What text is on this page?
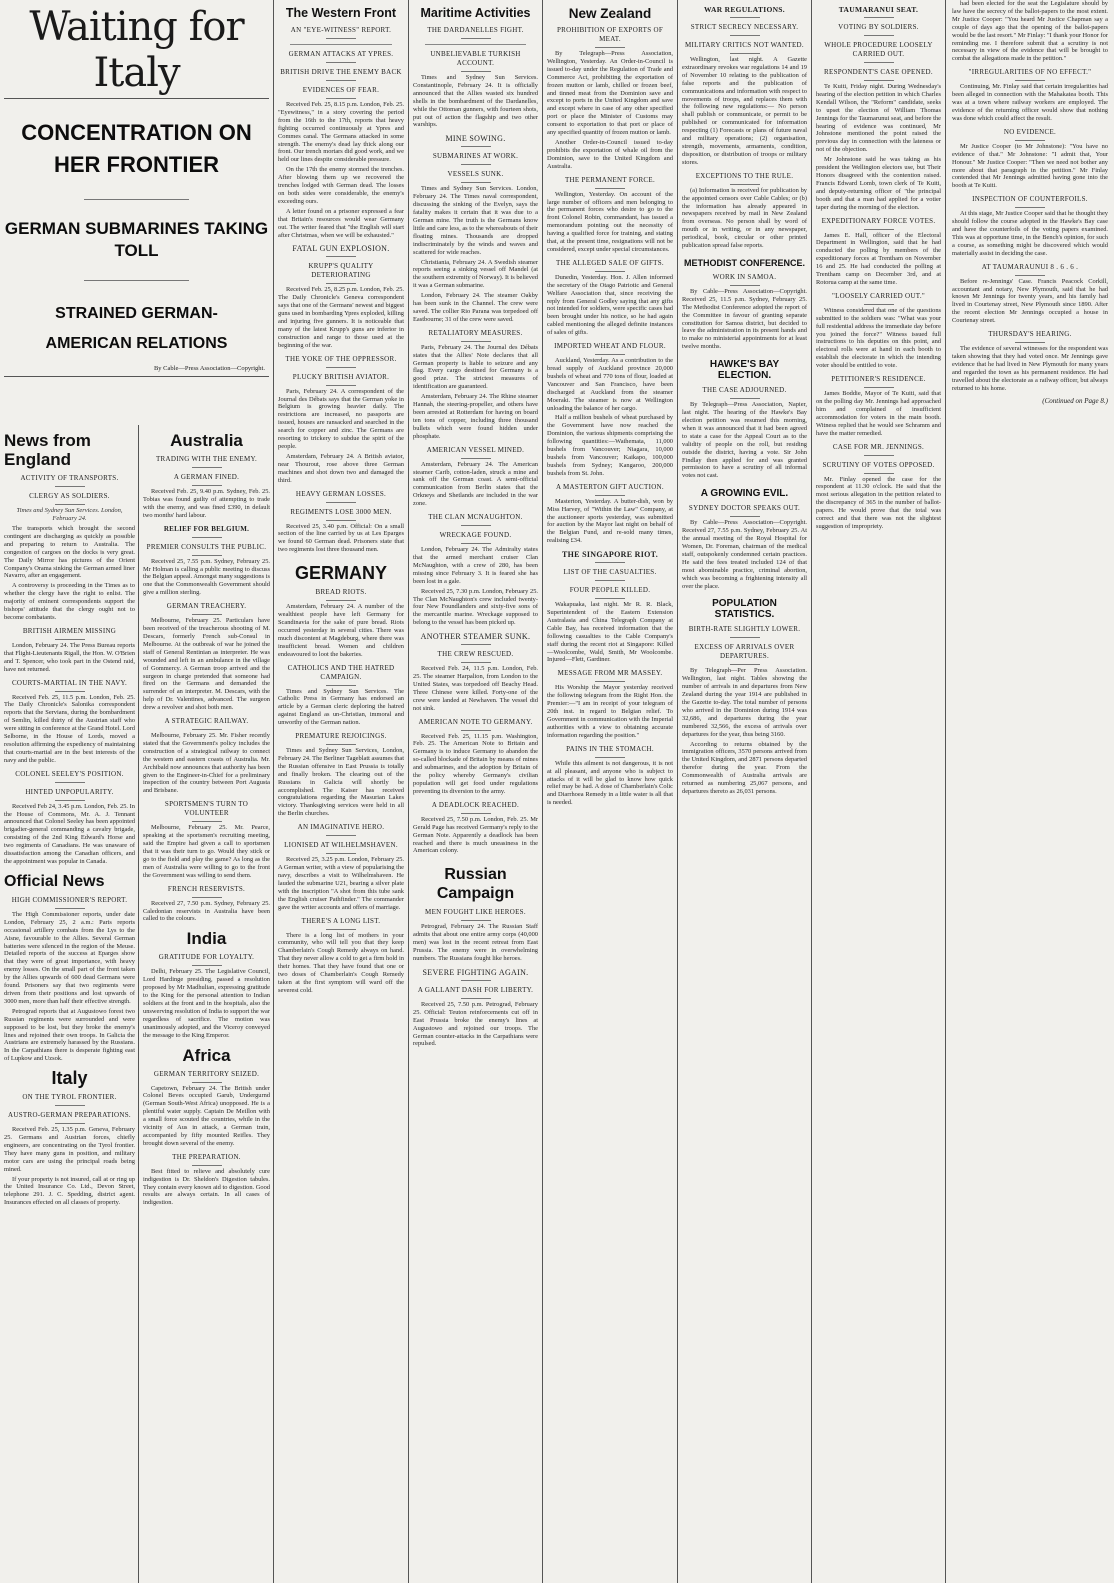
Waiting for Italy
CONCENTRATION ON HER FRONTIER
GERMAN SUBMARINES TAKING TOLL
STRAINED GERMAN-AMERICAN RELATIONS
By Cable—Press Association—Copyright.
News from England
ACTIVITY OF TRANSPORTS.
CLERGY AS SOLDIERS.
Times and Sydney Sun Services. London, February 24.

The transports which brought the second contingent are discharging as quickly as possible and preparing to return to Australia. The congestion of cargoes on the docks is very great. The Daily Mirror has pictures of the Orient Company's Orama sinking the German armed liner Navarro, after an engagement.

A controversy is proceeding in the Times as to whether the clergy have the right to enlist. The majority of eminent correspondents support the bishops' attitude that the clergy ought not to become combatants.

BRITISH AIRMEN MISSING

London, February 24. The Press Bureau reports that Flight-Lieutenants Rigall, the Hon. W. O'Brien and T. Spencer, who took part in the Ostend raid, have not returned.

COURTS-MARTIAL IN THE NAVY.

Received Feb. 25, 11.5 p.m. London, Feb. 25. The Daily Chronicle's Salonika correspondent reports that the Servians, during the bombardment of Semlin, killed thirty of the Austrian staff who were sitting in conference at the Grand Hotel. Lord Selborne, in the House of Lords, moved a resolution affirming the expediency of maintaining that courts-martial are in the best interests of the navy and the public.

COLONEL SEELEY'S POSITION.
HINTED UNPOPULARITY.

Received Feb 24, 3.45 p.m. London, Feb. 25. In the House of Commons, Mr. A. J. Tennant announced that Colonel Seeley has been appointed brigadier-general commanding a cavalry brigade, consisting of the 2nd King Edward's Horse and two regiments of Canadians. He was unaware of dissatisfaction among the Canadian officers, and the appointment was popular in Canada.

Official News
HIGH COMMISSIONER'S REPORT.

The High Commissioner reports, under date London, February 25, 2 a.m.: Paris reports occasional artillery combats from the Lys to the Aisne, favourable to the Allies. Several German batteries were silenced in the region of the Meuse. Detailed reports of the success at Eparges show that they were of great importance, with heavy enemy losses. On the small part of the front taken by the Allies upwards of 600 dead Germans were found. Prisoners say that two regiments were driven from their positions and lost upwards of 3000 men, more than half their effective strength.

Petrograd reports that at Augustowo forest two Russian regiments were surrounded and were supposed to be lost, but they broke the enemy's lines and rejoined their own troops. In Galicia the Austrians are extremely harassed by the Russians. In the Carpathians there is desperate fighting east of Lupkow and Uzsok.

Italy
ON THE TYROL FRONTIER.
AUSTRO-GERMAN PREPARATIONS.

Received Feb. 25, 1.35 p.m. Geneva, February 25. Germans and Austrian forces, chiefly engineers, are concentrating on the Tyrol frontier. They have many guns in position, and military motor cars are using the principal roads being mined.

If your property is not insured, call at or ring up the United Insurance Co. Ltd., Devon Street, telephone 291. J. C. Spedding, district agent. Insurances effected on all classes of property.

Australia
TRADING WITH THE ENEMY.
A GERMAN FINED.

Received Feb. 25, 9.40 p.m. Sydney, Feb. 25. Tobias was found guilty of attempting to trade with the enemy, and was fined £390, in default two months' hard labour.

RELIEF FOR BELGIUM.
PREMIER CONSULTS THE PUBLIC.

Received 25, 7.55 p.m. Sydney, February 25. Mr Holman is calling a public meeting to discuss the Belgian appeal. Amongst many suggestions is one that the Commonwealth Government should give a million sterling.

GERMAN TREACHERY.

Melbourne, February 25. Particulars have been received of the treacherous shooting of M. Descars, formerly French sub-Consul in Melbourne. At the outbreak of war he joined the staff of General Rentinian as interpreter. He was wounded and left in an ambulance in the village of Gommercy. A German troop arrived and the surgeon in charge pretended that someone had fired on the Germans and demanded the surrender of an interpreter. M. Descars, with the help of Dr. Valentines, advanced. The surgeon drew a revolver and shot both men.

A STRATEGIC RAILWAY.

Melbourne, February 25. Mr. Fisher recently stated that the Government's policy includes the construction of a strategical railway to connect the western and eastern coasts of Australia. Mr. Archibald now announces that authority has been given to the Engineer-in-Chief for a preliminary inspection of the country between Port Augusta and Brisbane.

SPORTSMEN'S TURN TO VOLUNTEER

Melbourne, February 25. Mr. Pearce, speaking at the sportsmen's recruiting meeting, said the Empire had given a call to sportsmen that it was their turn to go. Would they stick or go to the field and play the game? As long as the men of Australia were willing to go to the front the Government was willing to send them.

FRENCH RESERVISTS.

Received 27, 7.50 p.m. Sydney, February 25. Caledonian reservists in Australia have been called to the colours.

India
GRATITUDE FOR LOYALTY.

Delhi, February 25. The Legislative Council, Lord Hardinge presiding, passed a resolution proposed by Mr Madhulian, expressing gratitude to the King for the personal attention to Indian soldiers at the front and in the hospitals, also the unswerving resolution of India to support the war regardless of sacrifice. The motion was unanimously adopted, and the Viceroy conveyed the message to the King Emperor.

Africa
GERMAN TERRITORY SEIZED.

Capetown, February 24. The British under Colonel Beves occupied Garub, Undergurnd (German South-West Africa) unopposed. He is a plentiful water supply. Captain De Meillon with a small force scouted the countries, while in the vicinity of Aus in attack, a German train, accompanied by fifty mounted Reifles. They brought down several of the enemy.

THE PREPARATION.

Best fitted to relieve and absolutely cure indigestion is Dr. Sheldon's Digestion tabules. They contain every known aid to digestion. Good results are always certain. In all cases of indigestion.

The Western Front
AN "EYE-WITNESS" REPORT.
GERMAN ATTACKS AT YPRES.
BRITISH DRIVE THE ENEMY BACK
EVIDENCES OF FEAR.

Received Feb. 25, 8.15 p.m. London, Feb. 25. "Eyewitness," in a story covering the period from the 16th to the 17th, reports that heavy fighting occurred continuously at Ypres and Commes canal. The Germans attacked in some strength. The enemy's dead lay thick along our front. Our trench mortars did good work, and we held our lines despite considerable pressure.

On the 17th the enemy stormed the trenches. After blowing them up we recovered the trenches lodged with German dead. The losses on both sides were considerable, the enemy's exceeding ours.

A letter found on a prisoner expressed a fear that Britain's resources would wear Germany out. The writer feared that "the English will start after Christmas, when we will be exhausted."

FATAL GUN EXPLOSION.
KRUPP'S QUALITY DETERIORATING

Received Feb. 25, 8.25 p.m. London, Feb. 25. The Daily Chronicle's Geneva correspondent says that one of the Germans' newest and biggest guns used in bombarding Ypres exploded, killing and injuring five gunners. It is noticeable that many of the latest Krupp's guns are inferior in construction and range to those used at the beginning of the war.

THE YOKE OF THE OPPRESSOR.
PLUCKY BRITISH AVIATOR.

Paris, February 24. A correspondent of the Journal des Débats says that the German yoke in Belgium is growing heavier daily. The restrictions are increased, no passports are issued, houses are ransacked and searched in the search for copper and zinc. The Germans are resorting to trickery to subdue the spirit of the people.

Amsterdam, February 24. A British aviator, near Thourout, rose above three German machines and shot down two and damaged the third.

HEAVY GERMAN LOSSES.
REGIMENTS LOSE 3000 MEN.

Received 25, 3.40 p.m. Official: On a small section of the line carried by us at Les Eparges we found 60 German dead. Prisoners state that two regiments lost three thousand men.

GERMANY
BREAD RIOTS.

Amsterdam, February 24. A number of the wealthiest people have left Germany for Scandinavia for the sake of pure bread. Riots occurred yesterday in several cities. There was much discontent at Magdeburg, where there was insufficient bread. Women and children endeavoured to loot the bakeries.

CATHOLICS AND THE HATRED CAMPAIGN.

Times and Sydney Sun Services. The Catholic Press in Germany has endorsed an article by a German cleric deploring the hatred against England as un-Christian, immoral and unworthy of the German nation.

PREMATURE REJOICINGS.

Times and Sydney Sun Services, London, February 24. The Berliner Tageblatt assumes that the Russian offensive in East Prussia is totally and finally broken. The clearing out of the Russians in Galicia will shortly be accomplished. The Kaiser has received congratulations regarding the Masurian Lakes victory. Thanksgiving services were held in all the Berlin churches.

AN IMAGINATIVE HERO.
LIONISED AT WILHELMSHAVEN.

Received 25, 3.25 p.m. London, February 25. A German writer, with a view of popularising the navy, describes a visit to Wilhelmshaven. He lauded the submarine U21, bearing a silver plate with the inscription "A shot from this tube sank the English cruiser Pathfinder." The commander gave the writer accounts and offers of marriage.

THERE'S A LONG LIST.

There is a long list of mothers in your community, who will tell you that they keep Chamberlain's Cough Remedy always on hand. That they never allow a cold to get a firm hold in their homes. That they have found that one or two doses of Chamberlain's Cough Remedy taken at the first symptom will ward off the severest cold.

Maritime Activities
THE DARDANELLES FIGHT.
UNBELIEVABLE TURKISH ACCOUNT.

Times and Sydney Sun Services. Constantinople, February 24. It is officially announced that the Allies wasted six hundred shells in the bombardment of the Dardanelles, while the Ottoman gunners, with fourteen shots, put out of action the flagship and two other warships.

MINE SOWING.
SUBMARINES AT WORK.
VESSELS SUNK.

Times and Sydney Sun Services. London, February 24. The Times naval correspondent, discussing the sinking of the Evelyn, says the fatality makes it certain that it was due to a German mine. The truth is the Germans know little and care less, as to the whereabouts of their floating mines. Thousands are dropped indiscriminately by the winds and waves and scattered for wide reaches.

Christiania, February 24. A Swedish steamer reports seeing a sinking vessel off Mandel (at the southern extremity of Norway). It is believed it was a German submarine.

London, February 24. The steamer Oakby has been sunk in the Channel. The crew were saved. The collier Rio Parana was torpedoed off Eastbourne; 31 of the crew were saved.

RETALIATORY MEASURES.

Paris, February 24. The Journal des Débats states that the Allies' Note declares that all German property is liable to seizure and any flag. Every cargo destined for Germany is a good prize. The strictest measures of identification are guaranteed.

Amsterdam, February 24. The Rhine steamer Hannah, the steering-propeller, and others have been arrested at Rotterdam for having on board ten tons of copper, including three thousand bullets which were found hidden under phosphate.

AMERICAN VESSEL MINED.

Amsterdam, February 24. The American steamer Carib, cotton-laden, struck a mine and sank off the German coast. A semi-official communication from Berlin states that the Orkneys and Shetlands are included in the war zone.

THE CLAN MCNAUGHTON.
WRECKAGE FOUND.

London, February 24. The Admiralty states that the armed merchant cruiser Clan McNaughton, with a crew of 280, has been missing since February 3. It is feared she has been lost in a gale.

Received 25, 7.30 p.m. London, February 25. The Clan McNaughton's crew included twenty-four New Foundlanders and sixty-five sons of the mercantile marine. Wreckage supposed to belong to the vessel has been picked up.

ANOTHER STEAMER SUNK.
THE CREW RESCUED.

Received Feb. 24, 11.5 p.m. London, Feb. 25. The steamer Harpalion, from London to the United States, was torpedoed off Beachy Head. Three Chinese were killed. Forty-one of the crew were landed at Newhaven. The vessel did not sink.

AMERICAN NOTE TO GERMANY.

Received Feb. 25, 11.15 p.m. Washington, Feb. 25. The American Note to Britain and Germany is to induce Germany to abandon the so-called blockade of Britain by means of mines and submarines, and the adoption by Britain of the policy whereby Germany's civilian population will get food under regulations preventing its diversion to the army.

A DEADLOCK REACHED.

Received 25, 7.50 p.m. London, Feb. 25. Mr Gerald Page has received Germany's reply to the German Note. Apparently a deadlock has been reached and there is much uneasiness in the American colony.

Russian Campaign
MEN FOUGHT LIKE HEROES.

Petrograd, February 24. The Russian Staff admits that about one entire army corps (40,000 men) was lost in the recent retreat from East Prussia. The enemy were in overwhelming numbers. The Russians fought like heroes.

SEVERE FIGHTING AGAIN.
A GALLANT DASH FOR LIBERTY.

Received 25, 7.50 p.m. Petrograd, February 25. Official: Teuton reinforcements cut off in East Prussia broke the enemy's lines at Augustowo and rejoined our troops. The German counter-attacks in the Carpathians were repulsed.

New Zealand
PROHIBITION OF EXPORTS OF MEAT.

By Telegraph—Press Association, Wellington, Yesterday. An Order-in-Council is issued to-day under the Regulation of Trade and Commerce Act, prohibiting the exportation of frozen mutton or lamb, chilled or frozen beef, and tinned meat from the Dominion save and except to ports in the United Kingdom and save and except where in case of any other specified port or place the Minister of Customs may consent to exportation to that port or place of any specified quantity of frozen mutton or lamb.

Another Order-in-Council issued to-day prohibits the exportation of whale oil from the Dominion, save to the United Kingdom and Australia.

THE PERMANENT FORCE.

Wellington, Yesterday. On account of the large number of officers and men belonging to the permanent forces who desire to go to the front Colonel Robin, commandant, has issued a memorandum pointing out the necessity of having a qualified force for training, and stating that, at the present time, resignations will not be considered, except under special circumstances.

THE ALLEGED SALE OF GIFTS.

Dunedin, Yesterday. Hon. J. Allen informed the secretary of the Otago Patriotic and General Welfare Association that, since receiving the reply from General Godley saying that any gifts not intended for soldiers, were specific cases had been brought under his notice, so he had again cabled mentioning the alleged definite instances of sales of gifts.

IMPORTED WHEAT AND FLOUR.

Auckland, Yesterday. As a contribution to the bread supply of Auckland province 20,000 bushels of wheat and 770 tons of flour, loaded at Vancouver and San Francisco, have been discharged at Auckland from the steamer Moeraki. The steamer is now at Wellington unloading the balance of her cargo.

Half a million bushels of wheat purchased by the Government have now reached the Dominion, the various shipments comprising the following quantities:—Waihemata, 11,000 bushels from Vancouver; Niagara, 10,000 bushels from Vancouver; Kaikapo, 100,000 bushels from Sydney; Kangaroo, 200,000 bushels from St. John.

A MASTERTON GIFT AUCTION.

Masterton, Yesterday. A butter-dish, won by Miss Harvey, of "Within the Law" Company, at the auctioneer sports yesterday, was submitted for auction by the Mayor last night on behalf of the Belgian Fund, and re-sold many times, realising £34.

THE SINGAPORE RIOT.
LIST OF THE CASUALTIES.
FOUR PEOPLE KILLED.

Wakapuaka, last night. Mr R. R. Black, Superintendent of the Eastern Extension Australasia and China Telegraph Company at Cable Bay, has received information that the following casualties to the Cable Company's staff during the recent riot at Singapore: Killed—Woolcombe, Wald, Smith, Mr Woolcombe. Injured—Flett, Gardiner.

MESSAGE FROM MR MASSEY.

His Worship the Mayor yesterday received the following telegram from the Right Hon. the Premier:—"I am in receipt of your telegram of 20th inst. in regard to Belgian relief. To Government in communication with the Imperial authorities with a view to obtaining accurate information regarding the position."

PAINS IN THE STOMACH.

While this ailment is not dangerous, it is not at all pleasant, and anyone who is subject to attacks of it will be glad to know how quick relief may be had. A dose of Chamberlain's Colic and Diarrhoea Remedy in a little water is all that is needed.

WAR REGULATIONS.
STRICT SECRECY NECESSARY.
MILITARY CRITICS NOT WANTED.

Wellington, last night. A Gazette extraordinary revokes war regulations 14 and 19 of November 10 relating to the publication of false reports and the publication of communications and information with respect to movements of troops, and replaces them with the following new regulations:— No person shall publish or communicate, or permit to be published or communicated for information respecting (1) Forecasts or plans of future naval and military operations; (2) organisation, strength, movements, armaments, condition, disposition, or distribution of troops or military stores.

EXCEPTIONS TO THE RULE.

(a) Information is received for publication by the appointed censors over Cable Cables; or (b) the information has already appeared in newspapers received by mail in New Zealand from overseas. No person shall by word of mouth or in writing, or in any newspaper, periodical, book, circular or other printed publication spread false reports.

METHODIST CONFERENCE.
WORK IN SAMOA.

By Cable—Press Association—Copyright. Received 25, 11.5 p.m. Sydney, February 25. The Methodist Conference adopted the report of the Committee in favour of granting separate constitution for Samoa district, but decided to leave the administration in its present hands and to make no ministerial appointments for at least twelve months.

HAWKE'S BAY ELECTION.
THE CASE ADJOURNED.

By Telegraph—Press Association, Napier, last night. The hearing of the Hawke's Bay election petition was resumed this morning, when it was announced that it had been agreed to state a case for the Appeal Court as to the validity of people on the roll, but residing outside the district, having a vote. Sir John Findlay then applied for and was granted permission to have a scrutiny of all informal votes not cast.

A GROWING EVIL.
SYDNEY DOCTOR SPEAKS OUT.

By Cable—Press Association—Copyright. Received 27, 7.55 p.m. Sydney, February 25. At the annual meeting of the Royal Hospital for Women, Dr. Foreman, chairman of the medical staff, outspokenly condemned certain practices. He said the fees treated included 124 of that most abominable practice, criminal abortion, which was becoming a frightening intensity all over the place.

POPULATION STATISTICS.
BIRTH-RATE SLIGHTLY LOWER.
EXCESS OF ARRIVALS OVER DEPARTURES.

By Telegraph—Per Press Association. Wellington, last night. Tables showing the number of arrivals in and departures from New Zealand during the year 1914 are published in the Gazette to-day. The total number of persons who arrived in the Dominion during 1914 was 32,686, and departures during the year numbered 32,566, the excess of arrivals over departures for the year, thus being 3160.

According to returns obtained by the immigration officers, 3570 persons arrived from the United Kingdom, and 2871 persons departed therefor during the year. From the Commonwealth of Australia arrivals are returned as numbering 25,067 persons, and departures thereto as 26,031 persons.

TAUMARANUI SEAT.
VOTING BY SOLDIERS.
WHOLE PROCEDURE LOOSELY CARRIED OUT.
RESPONDENT'S CASE OPENED.

Te Kuiti, Friday night. During Wednesday's hearing of the election petition in which Charles Kendall Wilson, the "Reform" candidate, seeks to upset the election of William Thomas Jennings for the Taumarunui seat, and before the hearing of evidence was continued, Mr Johnstone mentioned the point raised the previous day in connection with the lateness or not of the objection.

Mr Johnstone said he was taking as his president the Wellington electors use, but Their Honors disagreed with the contention raised. Francis Edward Lomb, town clerk of Te Kuiti, and deputy-returning officer of "the principal booth and that a man had applied for a votier taper during the morning of the election.

EXPEDITIONARY FORCE VOTES.

James E. Hall, officer of the Electoral Department in Wellington, said that he had conducted the polling by members of the expeditionary forces at Trentham on November 16 and 25. He had conducted the polling at Trentham camp on December 3rd, and at Rotorua camp at the same time.

"LOOSELY CARRIED OUT."

Witness considered that one of the questions submitted to the soldiers was: "What was your full residential address the immediate day before you joined the force?" Witness issued full instructions to his deputies on this point, and electoral rolls were at hand in each booth to establish the electorate in which the intending voter should be entitled to vote.

PETITIONER'S RESIDENCE.

James Boddie, Mayor of Te Kuiti, said that on the polling day Mr. Jennings had approached him and complained of insufficient accommodation for voters in the main booth. Witness replied that he would see Schramm and have the matter remedied.

CASE FOR MR. JENNINGS.
SCRUTINY OF VOTES OPPOSED.

Mr. Finlay opened the case for the respondent at 11.30 o'clock. He said that the most serious allegation in the petition related to the discrepancy of 365 in the number of ballot-papers. He would prove that the total was correct and that there was not the slightest suggestion of impropriety.

had been elected for the seat the Legislature should by law have the secrecy of the ballot-papers to the most extent. Mr Justice Cooper: "You heard Mr Justice Chapman say a couple of days ago that the opening of the ballot-papers would be the last resort." Mr Finlay: "I thank your Honor for reminding me. I therefore submit that a scrutiny is not necessary in view of the evidence that will be brought to combat the allegations made in the petition."

"IRREGULARITIES OF NO EFFECT."

Continuing, Mr. Finlay said that certain irregularities had been alleged in connection with the Mahakatea booth. This was at a town where railway workers are employed. The evidence of the returning officer would show that nothing was done which could affect the result.

NO EVIDENCE.

Mr Justice Cooper (to Mr Johnstone): "You have no evidence of that." Mr Johnstone: "I admit that, Your Honour." Mr Justice Cooper: "Then we need not bother any more about that paragraph in the petition." Mr Finlay contended that Mr Jennings admitted having gone into the booth at Te Kuiti.

INSPECTION OF COUNTERFOILS.

At this stage, Mr Justice Cooper said that he thought they should follow the course adopted in the Hawke's Bay case and have the counterfoils of the voting papers examined. This was at opportune time, in the Bench's opinion, for such a course, as something might be discovered which would materially assist in deciding the case.

AT TAUMARAUNUI 8 . 6 . 6 .

Before re-Jennings' Case. Francis Peacock Corkill, accountant and notary, New Plymouth, said that he had known Mr Jennings for twenty years, and his family had lived in Courtenay street, New Plymouth since 1890. After the recent election Mr Jennings occupied a house in Courtenay street.

THURSDAY'S HEARING.

The evidence of several witnesses for the respondent was taken showing that they had voted once. Mr Jennings gave evidence that he had lived in New Plymouth for many years and regarded the town as his permanent residence. He had travelled about the electorate as a railway officer, but always returned to his home.

(Continued on Page 8.)
